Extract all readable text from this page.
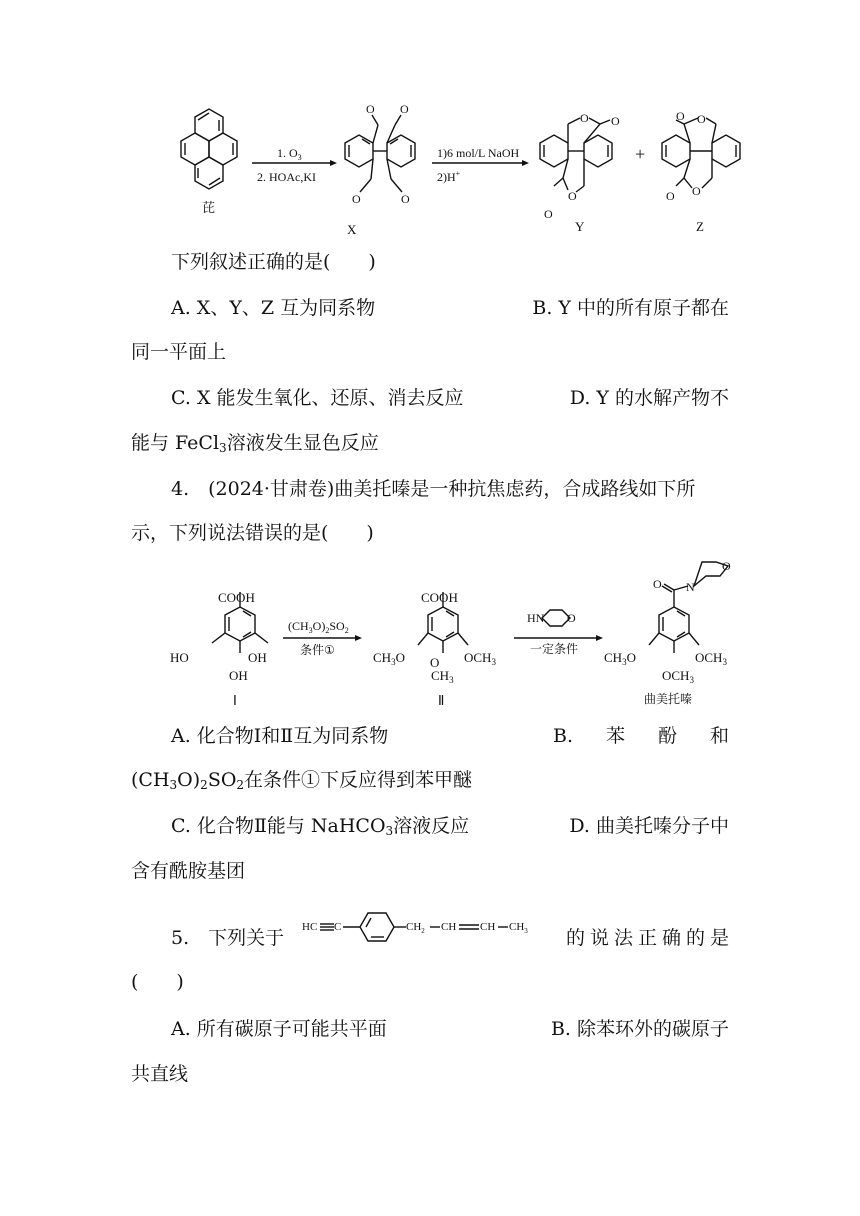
芘
1. $O_3$
2. HOAc,KI
O O
O	O
X
1)6 mol/L NaOH
2)H+
O O
O
O
Y
+
O O
O O
Z
下列叙述正确的是(　　)
A. X、Y、Z 互为同系物	B. Y 中的所有原子都在
同一平面上
C. X 能发生氧化、还原、消去反应	D. Y 的水解产物不
能与 FeCl$_3$溶液发生显色反应
4.　(2024·甘肃卷)曲美托嗪是一种抗焦虑药，合成路线如下所
示，下列说法错误的是(　　)
COOH
HO	OH
OH
Ⅰ
$(CH_3O)_2SO_2$
条件①
COOH
$CH_3O$	$OCH_3$
O
$CH_3$
Ⅱ
HN O
一定条件
O N
O
$CH_3O$	$OCH_3$
$OCH_3$
曲美托嗪
A. 化合物Ⅰ和Ⅱ互为同系物	B. 苯 酚 和
$(CH_3O)_2SO_2$在条件①下反应得到苯甲醚
C. 化合物Ⅱ能与 NaHCO$_3$溶液反应	D. 曲美托嗪分子中
含有酰胺基团
5.　下列关于 HC C	$CH_2$ CH CH $CH_3$ 的说法正确的是
(　　)
A. 所有碳原子可能共平面	B. 除苯环外的碳原子
共直线
